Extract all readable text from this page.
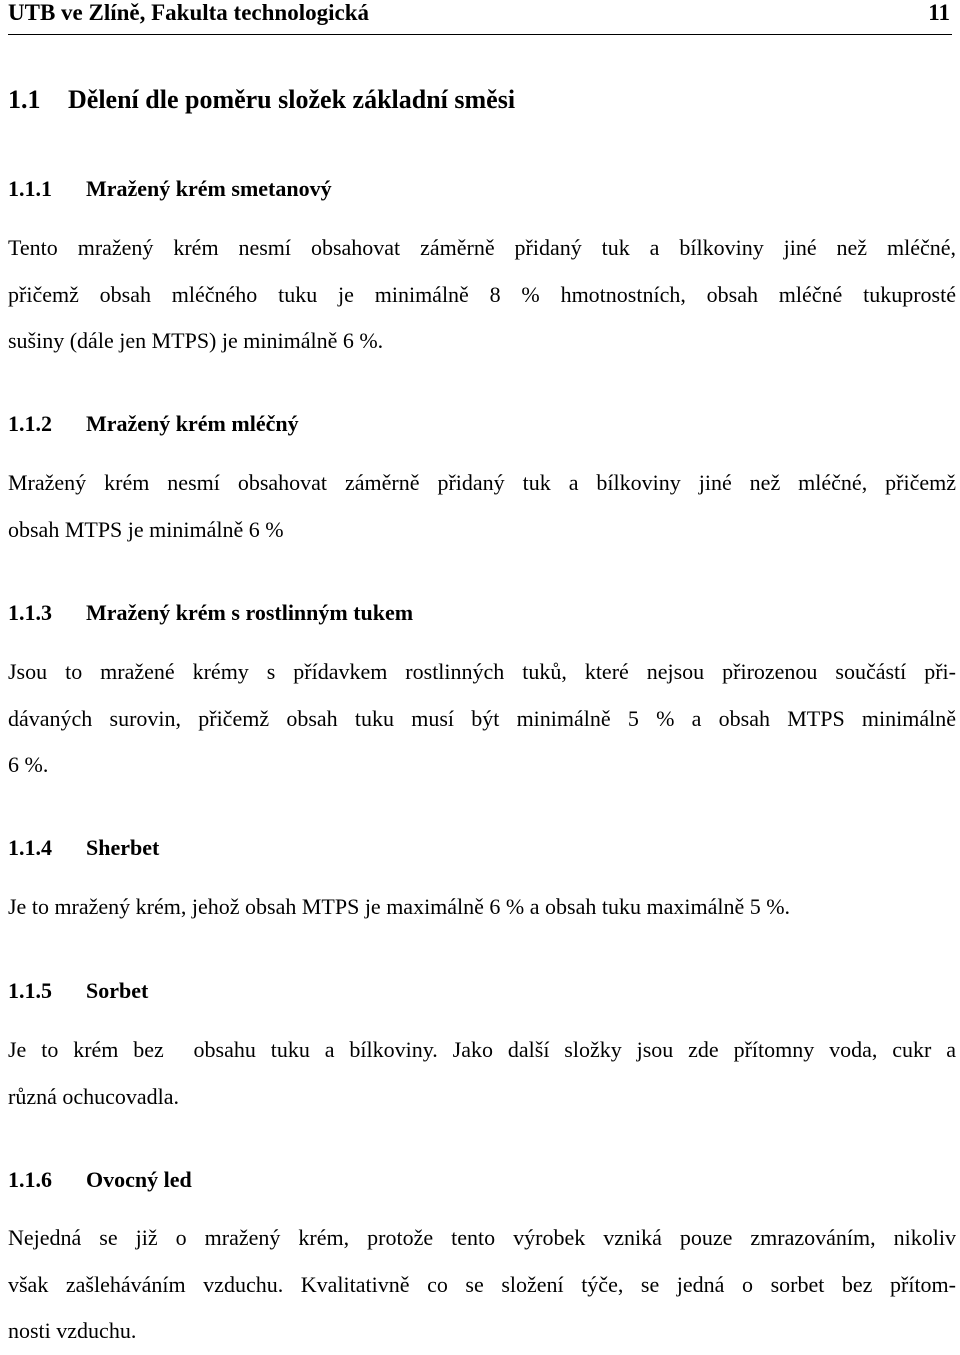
UTB ve Zlíně, Fakulta technologická	11
1.1 Dělení dle poměru složek základní směsi
1.1.1 Mražený krém smetanový
Tento mražený krém nesmí obsahovat záměrně přidaný tuk a bílkoviny jiné než mléčné,
přičemž obsah mléčného tuku je minimálně 8 % hmotnostních, obsah mléčné tukuprosté
sušiny (dále jen MTPS) je minimálně 6 %.
1.1.2 Mražený krém mléčný
Mražený krém nesmí obsahovat záměrně přidaný tuk a bílkoviny jiné než mléčné, přičemž
obsah MTPS je minimálně 6 %
1.1.3 Mražený krém s rostlinným tukem
Jsou to mražené krémy s přídavkem rostlinných tuků, které nejsou přirozenou součástí při-
dávaných surovin, přičemž obsah tuku musí být minimálně 5 % a obsah MTPS minimálně
6 %.
1.1.4 Sherbet
Je to mražený krém, jehož obsah MTPS je maximálně 6 % a obsah tuku maximálně 5 %.
1.1.5 Sorbet
Je to krém bez  obsahu tuku a bílkoviny. Jako další složky jsou zde přítomny voda, cukr a
různá ochucovadla.
1.1.6 Ovocný led
Nejedná se již o mražený krém, protože tento výrobek vzniká pouze zmrazováním, nikoliv
však zašleháváním vzduchu. Kvalitativně co se složení týče, se jedná o sorbet bez přítom-
nosti vzduchu.
